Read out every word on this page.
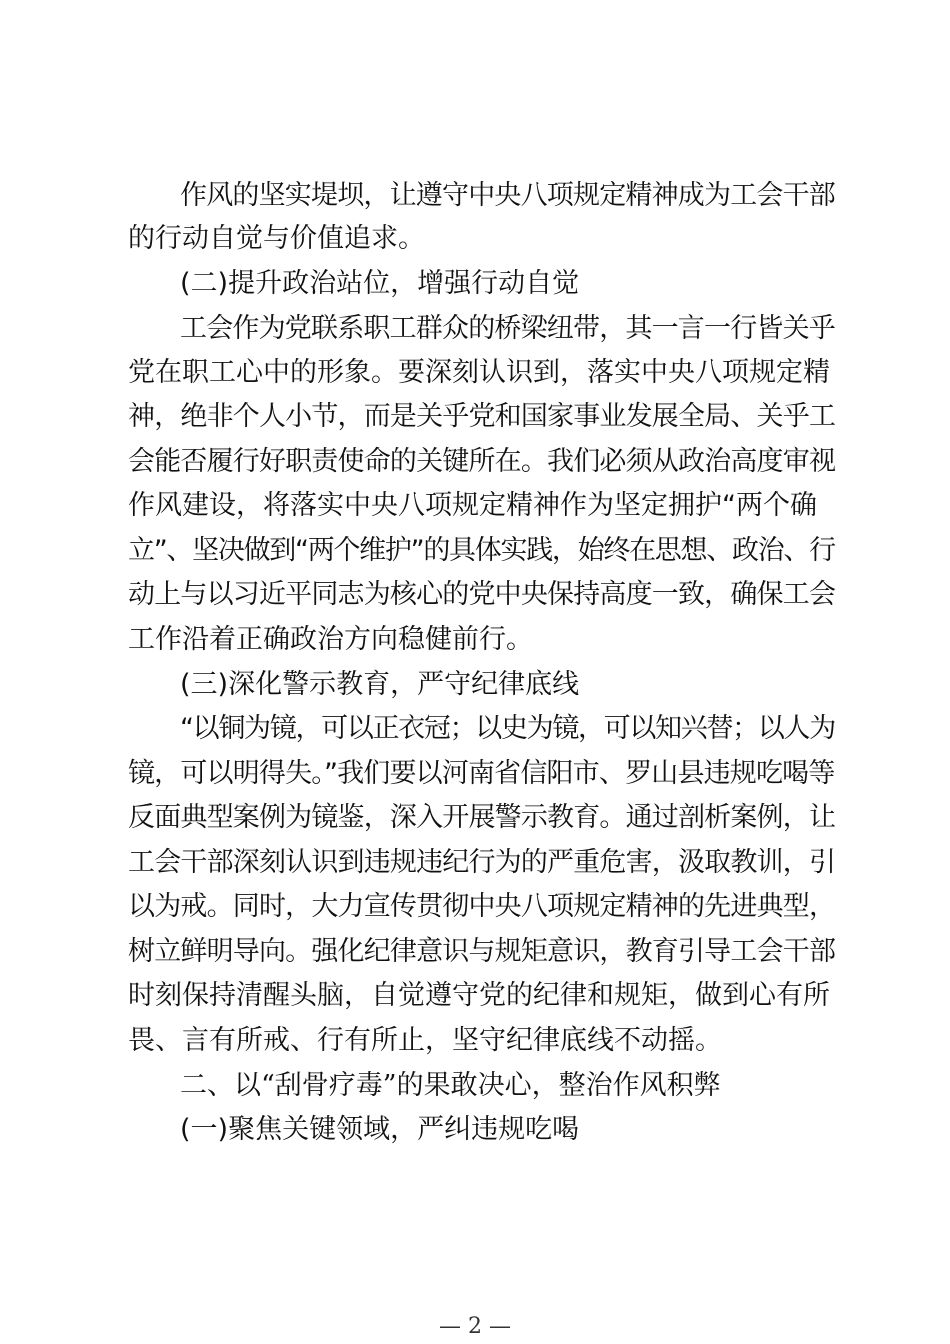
作风的坚实堤坝，让遵守中央八项规定精神成为工会干部
的行动自觉与价值追求。
(二)提升政治站位，增强行动自觉
工会作为党联系职工群众的桥梁纽带，其一言一行皆关乎
党在职工心中的形象。要深刻认识到，落实中央八项规定精
神，绝非个人小节，而是关乎党和国家事业发展全局、关乎工
会能否履行好职责使命的关键所在。我们必须从政治高度审视
作风建设，将落实中央八项规定精神作为坚定拥护“两个确
立”、坚决做到“两个维护”的具体实践，始终在思想、政治、行
动上与以习近平同志为核心的党中央保持高度一致，确保工会
工作沿着正确政治方向稳健前行。
(三)深化警示教育，严守纪律底线
“以铜为镜，可以正衣冠；以史为镜，可以知兴替；以人为
镜，可以明得失。”我们要以河南省信阳市、罗山县违规吃喝等
反面典型案例为镜鉴，深入开展警示教育。通过剖析案例，让
工会干部深刻认识到违规违纪行为的严重危害，汲取教训，引
以为戒。同时，大力宣传贯彻中央八项规定精神的先进典型，
树立鲜明导向。强化纪律意识与规矩意识，教育引导工会干部
时刻保持清醒头脑，自觉遵守党的纪律和规矩，做到心有所
畏、言有所戒、行有所止，坚守纪律底线不动摇。
二、以“刮骨疗毒”的果敢决心，整治作风积弊
(一)聚焦关键领域，严纠违规吃喝
— 2 —
